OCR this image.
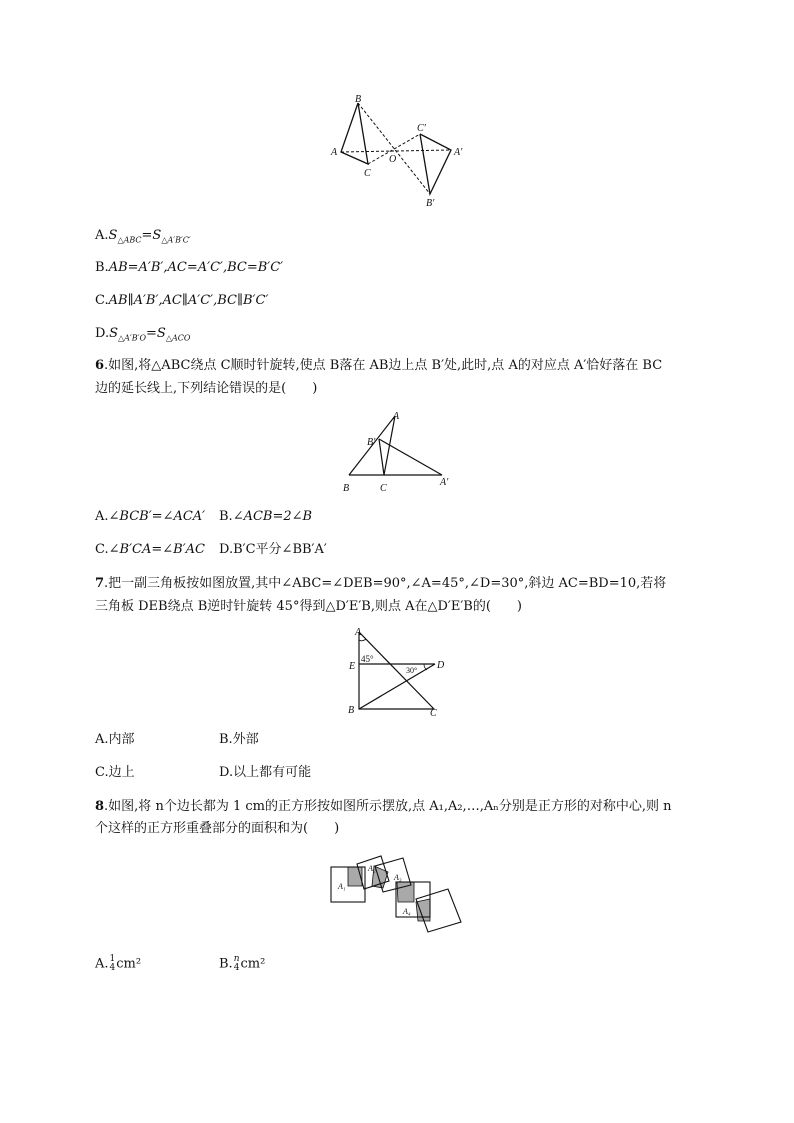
B
A
C
O
C′
A′
B′
$A.S_{\triangle ABC}=S_{\triangle A'B'C'}$
B.AB=A′B′,AC=A′C′,BC=B′C′
C.AB∥A′B′,AC∥A′C′,BC∥B′C′
$D.S_{\triangle A'B'O}=S_{\triangle ACO}$
6.如图,将△ABC绕点 C顺时针旋转,使点 B落在 AB边上点 B′处,此时,点 A的对应点 A′恰好落在 BC
边的延长线上,下列结论错误的是(　　)
A
B′
B	C
A′
A.∠BCB′=∠ACA′ B.∠ACB=2∠B
C.∠B′CA=∠B′AC D.B′C平分∠BB′A′
7.把一副三角板按如图放置,其中∠ABC=∠DEB=90°,∠A=45°,∠D=30°,斜边 AC=BD=10,若将
三角板 DEB绕点 B逆时针旋转 45°得到△D′E′B,则点 A在△D′E′B的(　　)
A
45°
E	30° D
B	C
A.内部	B.外部
C.边上	D.以上都有可能
8.如图,将 n个边长都为 1 cm的正方形按如图所示摆放,点 A₁,A₂,…,Aₙ分别是正方形的对称中心,则 n
个这样的正方形重叠部分的面积和为(　　)
A₁
A₂
A₃
A₄
A. 1
4 cm²	B. n
4 cm²
